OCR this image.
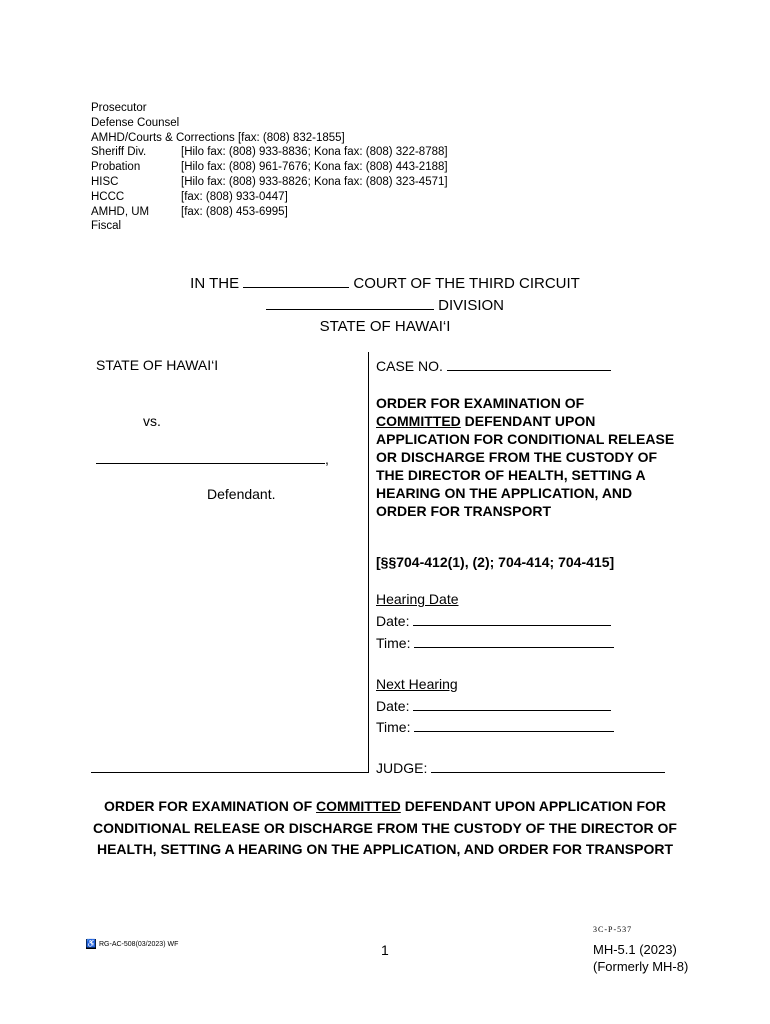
Prosecutor
Defense Counsel
AMHD/Courts & Corrections [fax: (808) 832-1855]
Sheriff Div.	[Hilo fax: (808) 933-8836; Kona fax: (808) 322-8788]
Probation	[Hilo fax: (808) 961-7676; Kona fax: (808) 443-2188]
HISC	[Hilo fax: (808) 933-8826; Kona fax: (808) 323-4571]
HCCC	[fax: (808) 933-0447]
AMHD, UM	[fax: (808) 453-6995]
Fiscal
IN THE	COURT OF THE THIRD CIRCUIT
DIVISION
STATE OF HAWAI‘I
STATE OF HAWAI‘I
vs.
,
Defendant.
CASE NO.
ORDER FOR EXAMINATION OF
COMMITTED DEFENDANT UPON APPLICATION FOR CONDITIONAL RELEASE OR DISCHARGE FROM THE CUSTODY OF THE DIRECTOR OF HEALTH, SETTING A HEARING ON THE APPLICATION, AND ORDER FOR TRANSPORT
[§§704-412(1), (2); 704-414; 704-415]
Hearing Date
Date:
Time:
Next Hearing
Date:
Time:
JUDGE:
ORDER FOR EXAMINATION OF COMMITTED DEFENDANT UPON APPLICATION FOR CONDITIONAL RELEASE OR DISCHARGE FROM THE CUSTODY OF THE DIRECTOR OF HEALTH, SETTING A HEARING ON THE APPLICATION, AND ORDER FOR TRANSPORT
♿ RG-AC-508(03/2023) WF	1
3C-P-537
MH-5.1 (2023)
(Formerly MH-8)
